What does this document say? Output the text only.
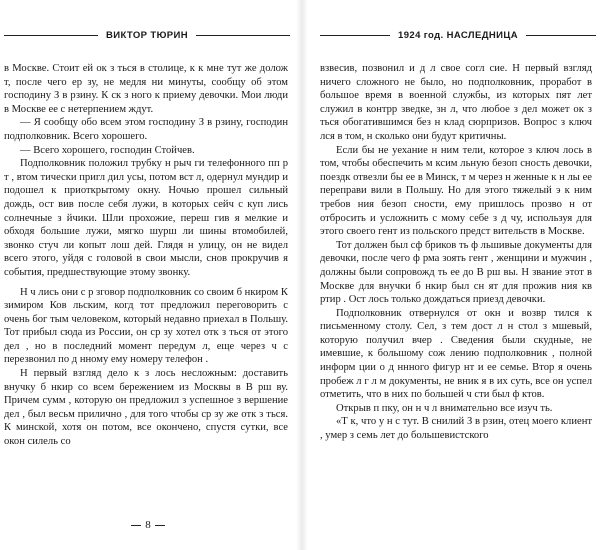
ВИКТОР ТЮРИН

в Москве. Стоит ей ок з ться в столице, к к мне тут же долож т, после чего ер зу, не медля ни минуты, сообщу об этом господину З в рзину. К ск з ного к приему девочки. Мои люди в Москве ее с нетерпением ждут.

— Я сообщу обо всем этом господину З в рзину, господин подполковник. Всего хорошего.

— Всего хорошего, господин Стойчев.

Подполковник положил трубку н рыч ги телефонного пп р т , втом тически пригл дил усы, потом вст л, одернул мундир и подошел к приоткрытому окну. Ночью прошел сильный дождь, ост вив после себя лужи, в которых сейч с куп лись солнечные з йчики. Шли прохожие, переш гив я мелкие и обходя большие лужи, мягко шурш ли шины втомобилей, звонко стуч ли копыт лош дей. Глядя н улицу, он не видел всего этого, уйдя с головой в свои мысли, снов прокручив я события, предшествующие этому звонку.

Н ч лись они с р зговор подполковник со своим б нкиром К зимиром Ков льским, когд тот предложил переговорить с очень бог тым человеком, который недавно приехал в Польшу. Тот прибыл сюда из России, он ср зу хотел отк з ться от этого дел , но в последний момент передум л, еще через ч с перезвонил по д нному ему номеру телефон .

Н первый взгляд дело к з лось несложным: доставить внучку б нкир со всем бережением из Москвы в В рш ву. Причем сумм , которую он предложил з успешное з вершение дел , был весьм прилично , для того чтобы ср зу же отк з ться. К минской, хотя он потом, все окончено, спустя сутки, все окон силель со

8
1924 год. НАСЛЕДНИЦА

взвесив, позвонил и д л свое согл сие. Н первый взгляд ничего сложного не было, но подполковник, проработ в большое время в военной службы, из которых пят лет служил в контрр зведке, зн л, что любое з дел может ок з ться обогатившимся без н клад сюрпризов. Вопрос з ключ лся в том, н сколько они будут критичны.

Если бы не уехание н ним тели, которое з ключ лось в том, чтобы обеспечить м ксим льную безоп сность девочки, поездк отвезли бы ее в Минск, т м через н женные к н лы ее переправи вили в Польшу. Но для этого тяжелый э к ним требов ния безоп сности, ему пришлось прозво н от отбросить и усложнить с мому себе з д чу, используя для этого своего гент из польского предст вительств в Москве.

Тот должен был сф бриков ть ф льшивые документы для девочки, после чего ф рма зоять гент , женщини и мужчин , должны были сопровожд ть ее до В рш вы. Н звание этот в Москве для внучки б нкир был сн ят для прожив ния кв ртир . Ост лось только дождаться приезд девочки.

Подполковник отвернулся от окн и возвр тился к письменному столу. Сел, з тем дост л н стол з мшевый, которую получил вчер . Сведения были скудные, не имевшие, к большому сож лению подполковник , полной информ ции о д ннного фигур нт и ее семье. Втор я очень пробеж л г л м документы, не вник я в их суть, все он успел отметить, что в них по большей ч сти был ф ктов.

Открыв п пку, он н ч л внимательно все изуч ть.

«Т к, что у н с тут. В снилий З в рзин, отец моего клиент , умер з семь лет до большевистского
